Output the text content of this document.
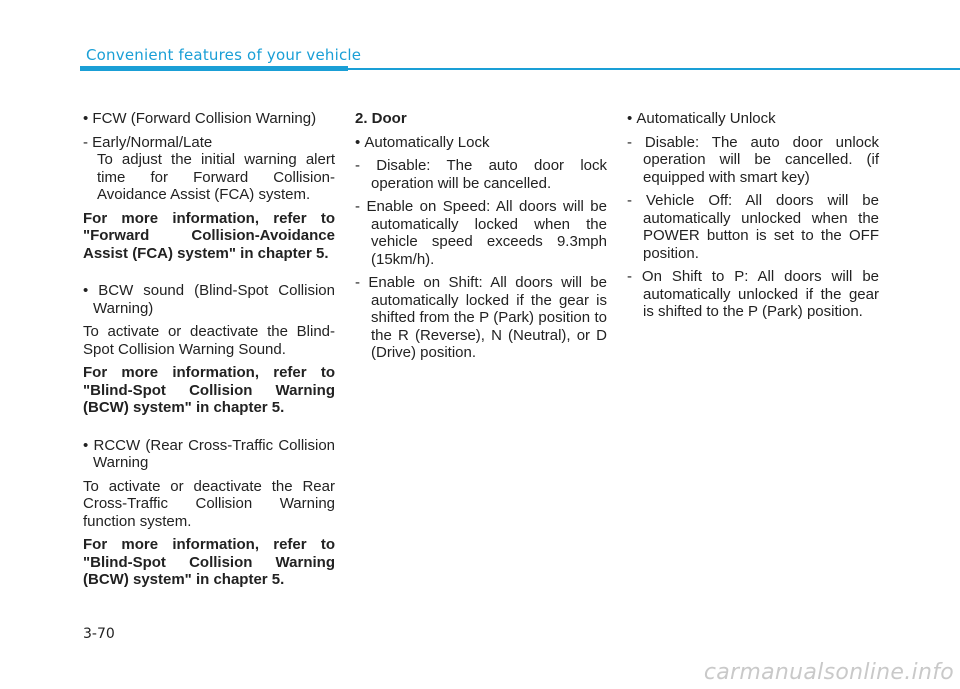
Convenient features of your vehicle

• FCW (Forward Collision Warning)

- Early/Normal/Late

To adjust the initial warning alert time for Forward Collision-Avoidance Assist (FCA) system.

For more information, refer to "Forward Collision-Avoidance Assist (FCA) system" in chapter 5.

• BCW sound (Blind-Spot Collision Warning)

To activate or deactivate the Blind-Spot Collision Warning Sound.

For more information, refer to "Blind-Spot Collision Warning (BCW) system" in chapter 5.

• RCCW (Rear Cross-Traffic Collision Warning

To activate or deactivate the Rear Cross-Traffic Collision Warning function system.

For more information, refer to "Blind-Spot Collision Warning (BCW) system" in chapter 5.

2. Door

• Automatically Lock

- Disable: The auto door lock operation will be cancelled.

- Enable on Speed: All doors will be automatically locked when the vehicle speed exceeds 9.3mph (15km/h).

- Enable on Shift: All doors will be automatically locked if the gear is shifted from the P (Park) position to the R (Reverse), N (Neutral), or D (Drive) position.

• Automatically Unlock

- Disable: The auto door unlock operation will be cancelled. (if equipped with smart key)

- Vehicle Off: All doors will be automatically unlocked when the POWER button is set to the OFF position.

- On Shift to P: All doors will be automatically unlocked if the gear is shifted to the P (Park) position.

3-70
carmanualsonline.info
